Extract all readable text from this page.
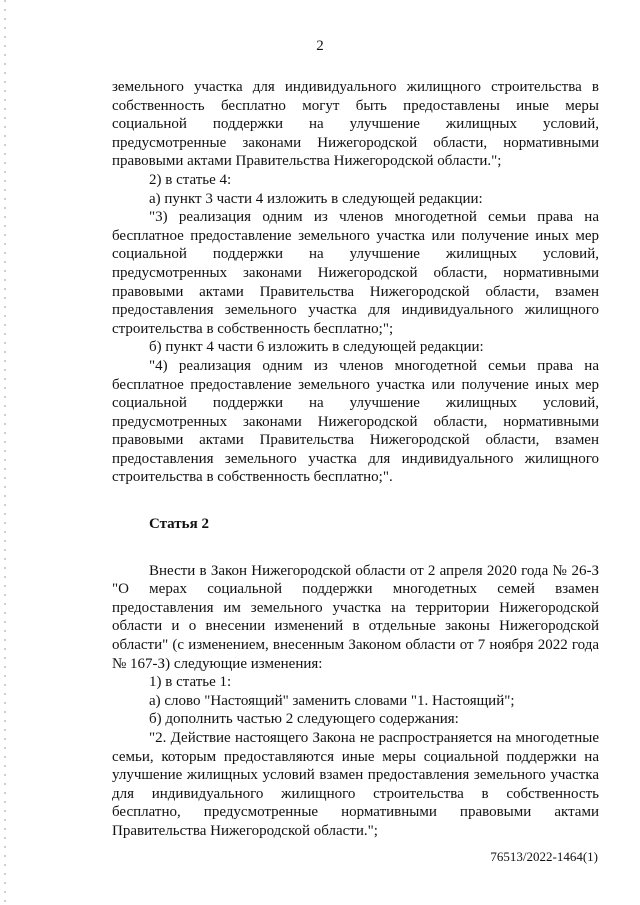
2

земельного участка для индивидуального жилищного строительства в собственность бесплатно могут быть предоставлены иные меры социальной поддержки на улучшение жилищных условий, предусмотренные законами Нижегородской области, нормативными правовыми актами Правительства Нижегородской области.";

2) в статье 4:

а) пункт 3 части 4 изложить в следующей редакции:

"3) реализация одним из членов многодетной семьи права на бесплатное предоставление земельного участка или получение иных мер социальной поддержки на улучшение жилищных условий, предусмотренных законами Нижегородской области, нормативными правовыми актами Правительства Нижегородской области, взамен предоставления земельного участка для индивидуального жилищного строительства в собственность бесплатно;";

б) пункт 4 части 6 изложить в следующей редакции:

"4) реализация одним из членов многодетной семьи права на бесплатное предоставление земельного участка или получение иных мер социальной поддержки на улучшение жилищных условий, предусмотренных законами Нижегородской области, нормативными правовыми актами Правительства Нижегородской области, взамен предоставления земельного участка для индивидуального жилищного строительства в собственность бесплатно;".

Статья 2

Внести в Закон Нижегородской области от 2 апреля 2020 года № 26-З "О мерах социальной поддержки многодетных семей взамен предоставления им земельного участка на территории Нижегородской области и о внесении изменений в отдельные законы Нижегородской области" (с изменением, внесенным Законом области от 7 ноября 2022 года № 167-З) следующие изменения:

1) в статье 1:

а) слово "Настоящий" заменить словами "1. Настоящий";

б) дополнить частью 2 следующего содержания:

"2. Действие настоящего Закона не распространяется на многодетные семьи, которым предоставляются иные меры социальной поддержки на улучшение жилищных условий взамен предоставления земельного участка для индивидуального жилищного строительства в собственность бесплатно, предусмотренные нормативными правовыми актами Правительства Нижегородской области.";

76513/2022-1464(1)
